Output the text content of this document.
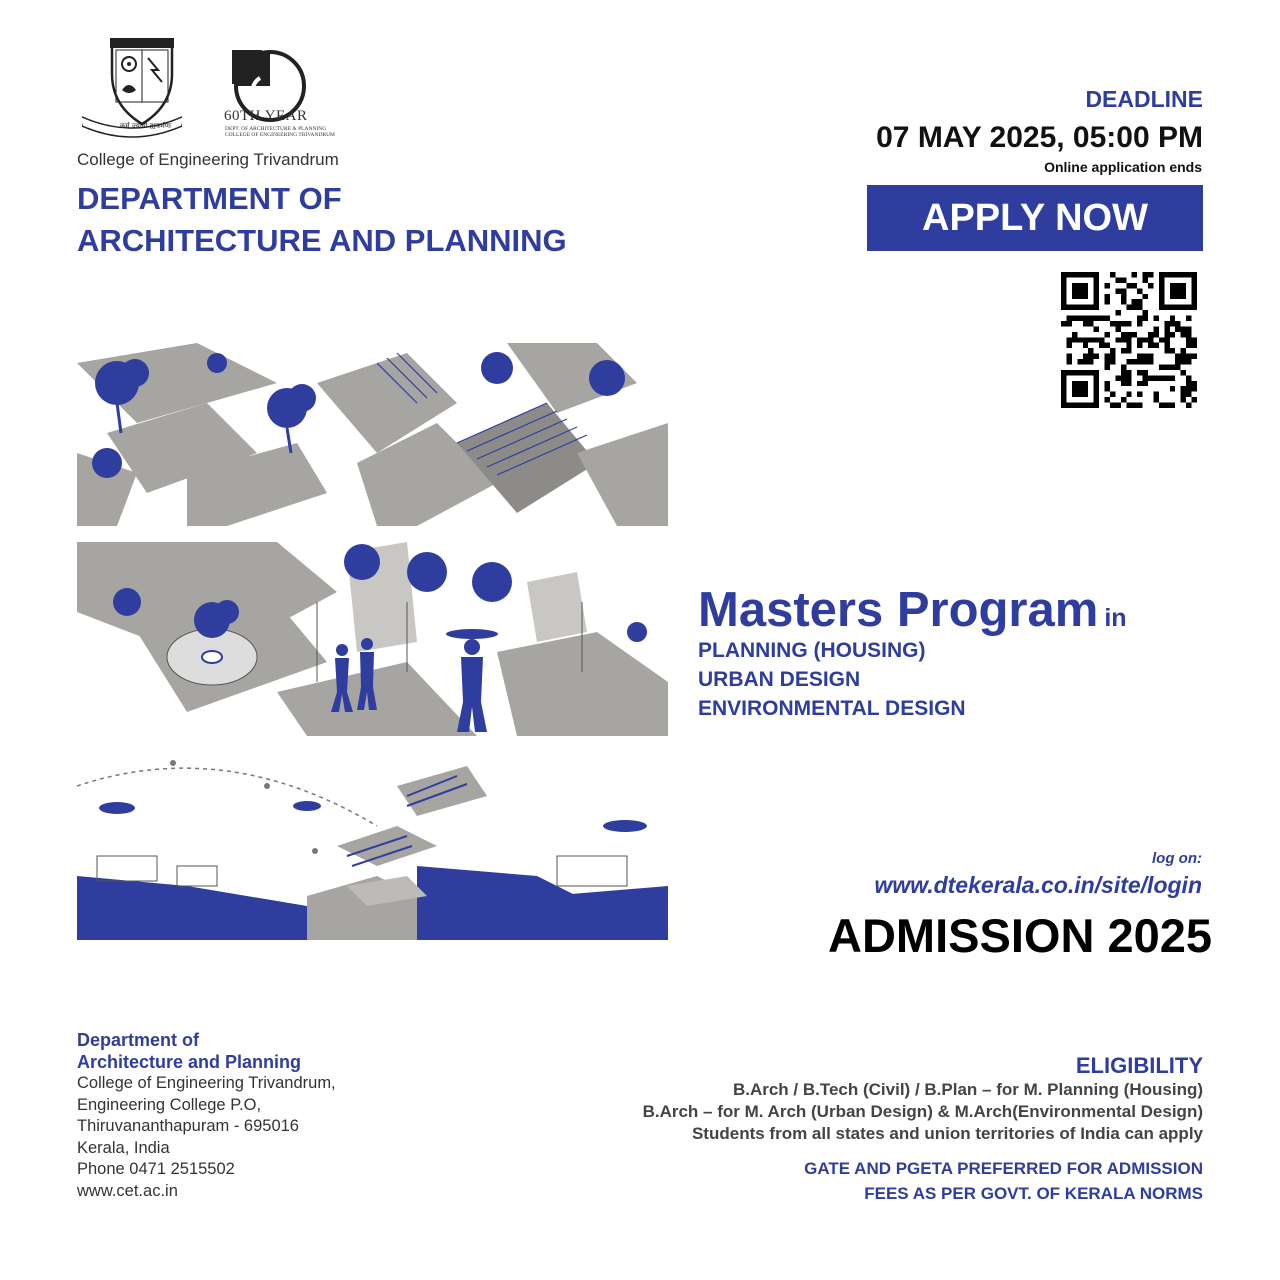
कर्म ज्यायो ह्यकर्मणः
60TH YEAR
DEPT. OF ARCHITECTURE & PLANNING
COLLEGE OF ENGINEERING TRIVANDRUM
College of Engineering Trivandrum
DEPARTMENT OF
ARCHITECTURE AND PLANNING
DEADLINE
07 MAY 2025, 05:00 PM
Online application ends
APPLY NOW
Masters Program in
PLANNING (HOUSING)
URBAN DESIGN
ENVIRONMENTAL DESIGN
log on:
www.dtekerala.co.in/site/login
ADMISSION 2025
Department of
Architecture and Planning
College of Engineering Trivandrum,
Engineering College P.O,
Thiruvananthapuram - 695016
Kerala, India
Phone 0471 2515502
www.cet.ac.in
ELIGIBILITY
B.Arch / B.Tech (Civil) / B.Plan – for M. Planning (Housing)
B.Arch – for M. Arch (Urban Design) & M.Arch(Environmental Design)
Students from all states and union territories of India can apply
GATE AND PGETA PREFERRED FOR ADMISSION
FEES AS PER GOVT. OF KERALA NORMS
